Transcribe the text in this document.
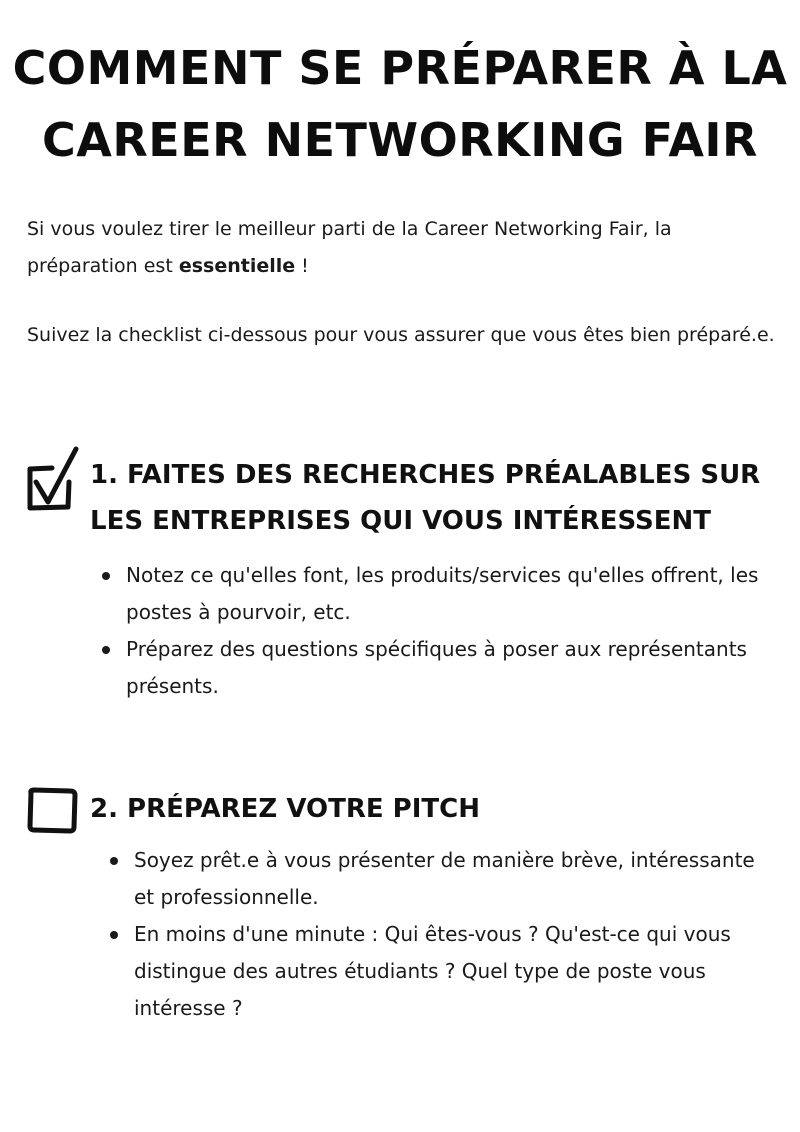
COMMENT SE PRÉPARER À LA
CAREER NETWORKING FAIR

Si vous voulez tirer le meilleur parti de la Career Networking Fair, la préparation est essentielle !

Suivez la checklist ci-dessous pour vous assurer que vous êtes bien préparé.e.

1. FAITES DES RECHERCHES PRÉALABLES SUR LES ENTREPRISES QUI VOUS INTÉRESSENT
Notez ce qu'elles font, les produits/services qu'elles offrent, les postes à pourvoir, etc.
Préparez des questions spécifiques à poser aux représentants présents.
2. PRÉPAREZ VOTRE PITCH
Soyez prêt.e à vous présenter de manière brève, intéressante et professionnelle.
En moins d'une minute : Qui êtes-vous ? Qu'est-ce qui vous distingue des autres étudiants ? Quel type de poste vous intéresse ?
